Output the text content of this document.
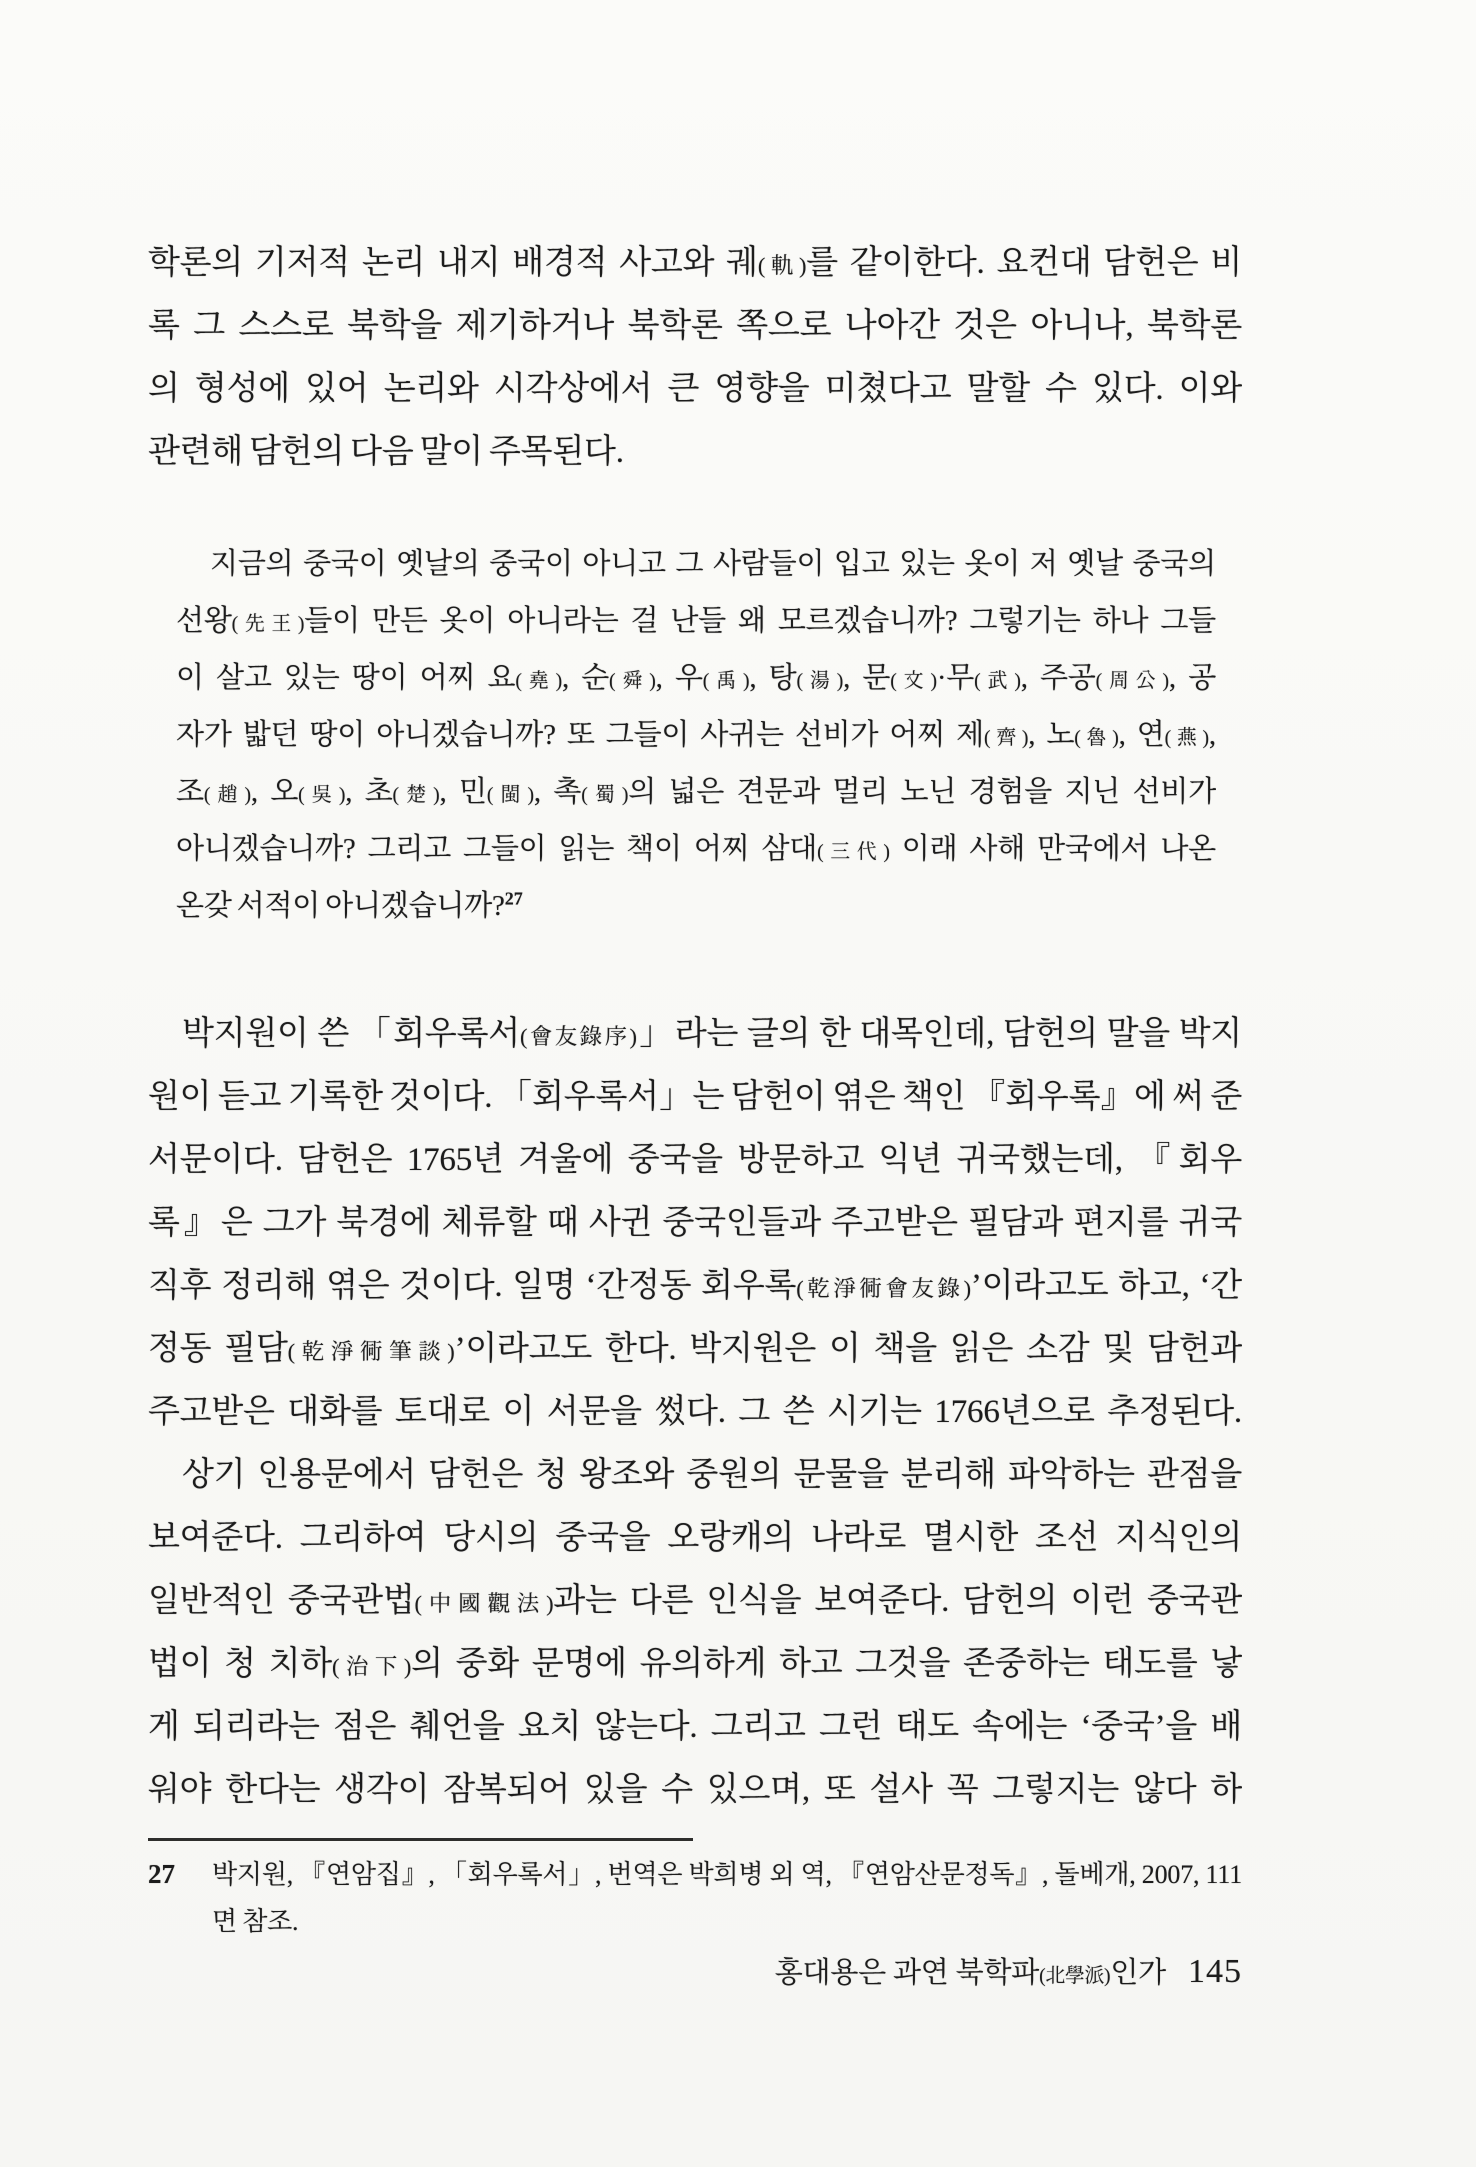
학론의 기저적 논리 내지 배경적 사고와 궤(軌)를 같이한다. 요컨대 담헌은 비
록 그 스스로 북학을 제기하거나 북학론 쪽으로 나아간 것은 아니나, 북학론
의 형성에 있어 논리와 시각상에서 큰 영향을 미쳤다고 말할 수 있다. 이와
관련해 담헌의 다음 말이 주목된다.
지금의 중국이 옛날의 중국이 아니고 그 사람들이 입고 있는 옷이 저 옛날 중국의
선왕(先王)들이 만든 옷이 아니라는 걸 난들 왜 모르겠습니까? 그렇기는 하나 그들
이 살고 있는 땅이 어찌 요(堯), 순(舜), 우(禹), 탕(湯), 문(文)·무(武), 주공(周公), 공
자가 밟던 땅이 아니겠습니까? 또 그들이 사귀는 선비가 어찌 제(齊), 노(魯), 연(燕),
조(趙), 오(吳), 초(楚), 민(閩), 촉(蜀)의 넓은 견문과 멀리 노닌 경험을 지닌 선비가
아니겠습니까? 그리고 그들이 읽는 책이 어찌 삼대(三代) 이래 사해 만국에서 나온
온갖 서적이 아니겠습니까?$^{27}$
박지원이 쓴 「회우록서(會友錄序)」라는 글의 한 대목인데, 담헌의 말을 박지
원이 듣고 기록한 것이다. 「회우록서」는 담헌이 엮은 책인 『회우록』에 써 준
서문이다. 담헌은 1765년 겨울에 중국을 방문하고 익년 귀국했는데, 『회우
록』은 그가 북경에 체류할 때 사귄 중국인들과 주고받은 필담과 편지를 귀국
직후 정리해 엮은 것이다. 일명 ‘간정동 회우록(乾淨衕會友錄)’이라고도 하고, ‘간
정동 필담(乾淨衕筆談)’이라고도 한다. 박지원은 이 책을 읽은 소감 및 담헌과
주고받은 대화를 토대로 이 서문을 썼다. 그 쓴 시기는 1766년으로 추정된다.
상기 인용문에서 담헌은 청 왕조와 중원의 문물을 분리해 파악하는 관점을
보여준다. 그리하여 당시의 중국을 오랑캐의 나라로 멸시한 조선 지식인의
일반적인 중국관법(中國觀法)과는 다른 인식을 보여준다. 담헌의 이런 중국관
법이 청 치하(治下)의 중화 문명에 유의하게 하고 그것을 존중하는 태도를 낳
게 되리라는 점은 췌언을 요치 않는다. 그리고 그런 태도 속에는 ‘중국’을 배
워야 한다는 생각이 잠복되어 있을 수 있으며, 또 설사 꼭 그렇지는 않다 하
27	박지원, 『연암집』, 「회우록서」, 번역은 박희병 외 역, 『연암산문정독』, 돌베개, 2007, 111
면 참조.
홍대용은 과연 북학파(北學派)인가 145
